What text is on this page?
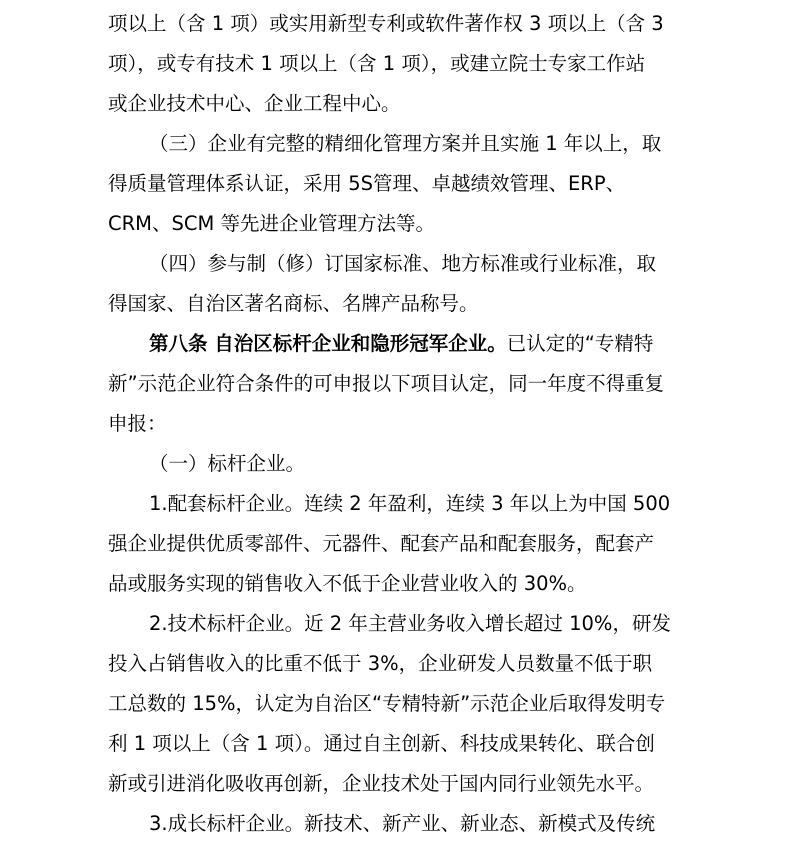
项以上（含 1 项）或实用新型专利或软件著作权 3 项以上（含 3
项），或专有技术 1 项以上（含 1 项），或建立院士专家工作站
或企业技术中心、企业工程中心。
（三）企业有完整的精细化管理方案并且实施 1 年以上，取
得质量管理体系认证，采用 5S管理、卓越绩效管理、ERP、
CRM、SCM 等先进企业管理方法等。
（四）参与制（修）订国家标准、地方标准或行业标准，取
得国家、自治区著名商标、名牌产品称号。
第八条 自治区标杆企业和隐形冠军企业。已认定的“专精特
新”示范企业符合条件的可申报以下项目认定，同一年度不得重复
申报：
（一）标杆企业。
1.配套标杆企业。连续 2 年盈利，连续 3 年以上为中国 500
强企业提供优质零部件、元器件、配套产品和配套服务，配套产
品或服务实现的销售收入不低于企业营业收入的 30%。
2.技术标杆企业。近 2 年主营业务收入增长超过 10%，研发
投入占销售收入的比重不低于 3%，企业研发人员数量不低于职
工总数的 15%，认定为自治区“专精特新”示范企业后取得发明专
利 1 项以上（含 1 项）。通过自主创新、科技成果转化、联合创
新或引进消化吸收再创新，企业技术处于国内同行业领先水平。
3.成长标杆企业。新技术、新产业、新业态、新模式及传统
